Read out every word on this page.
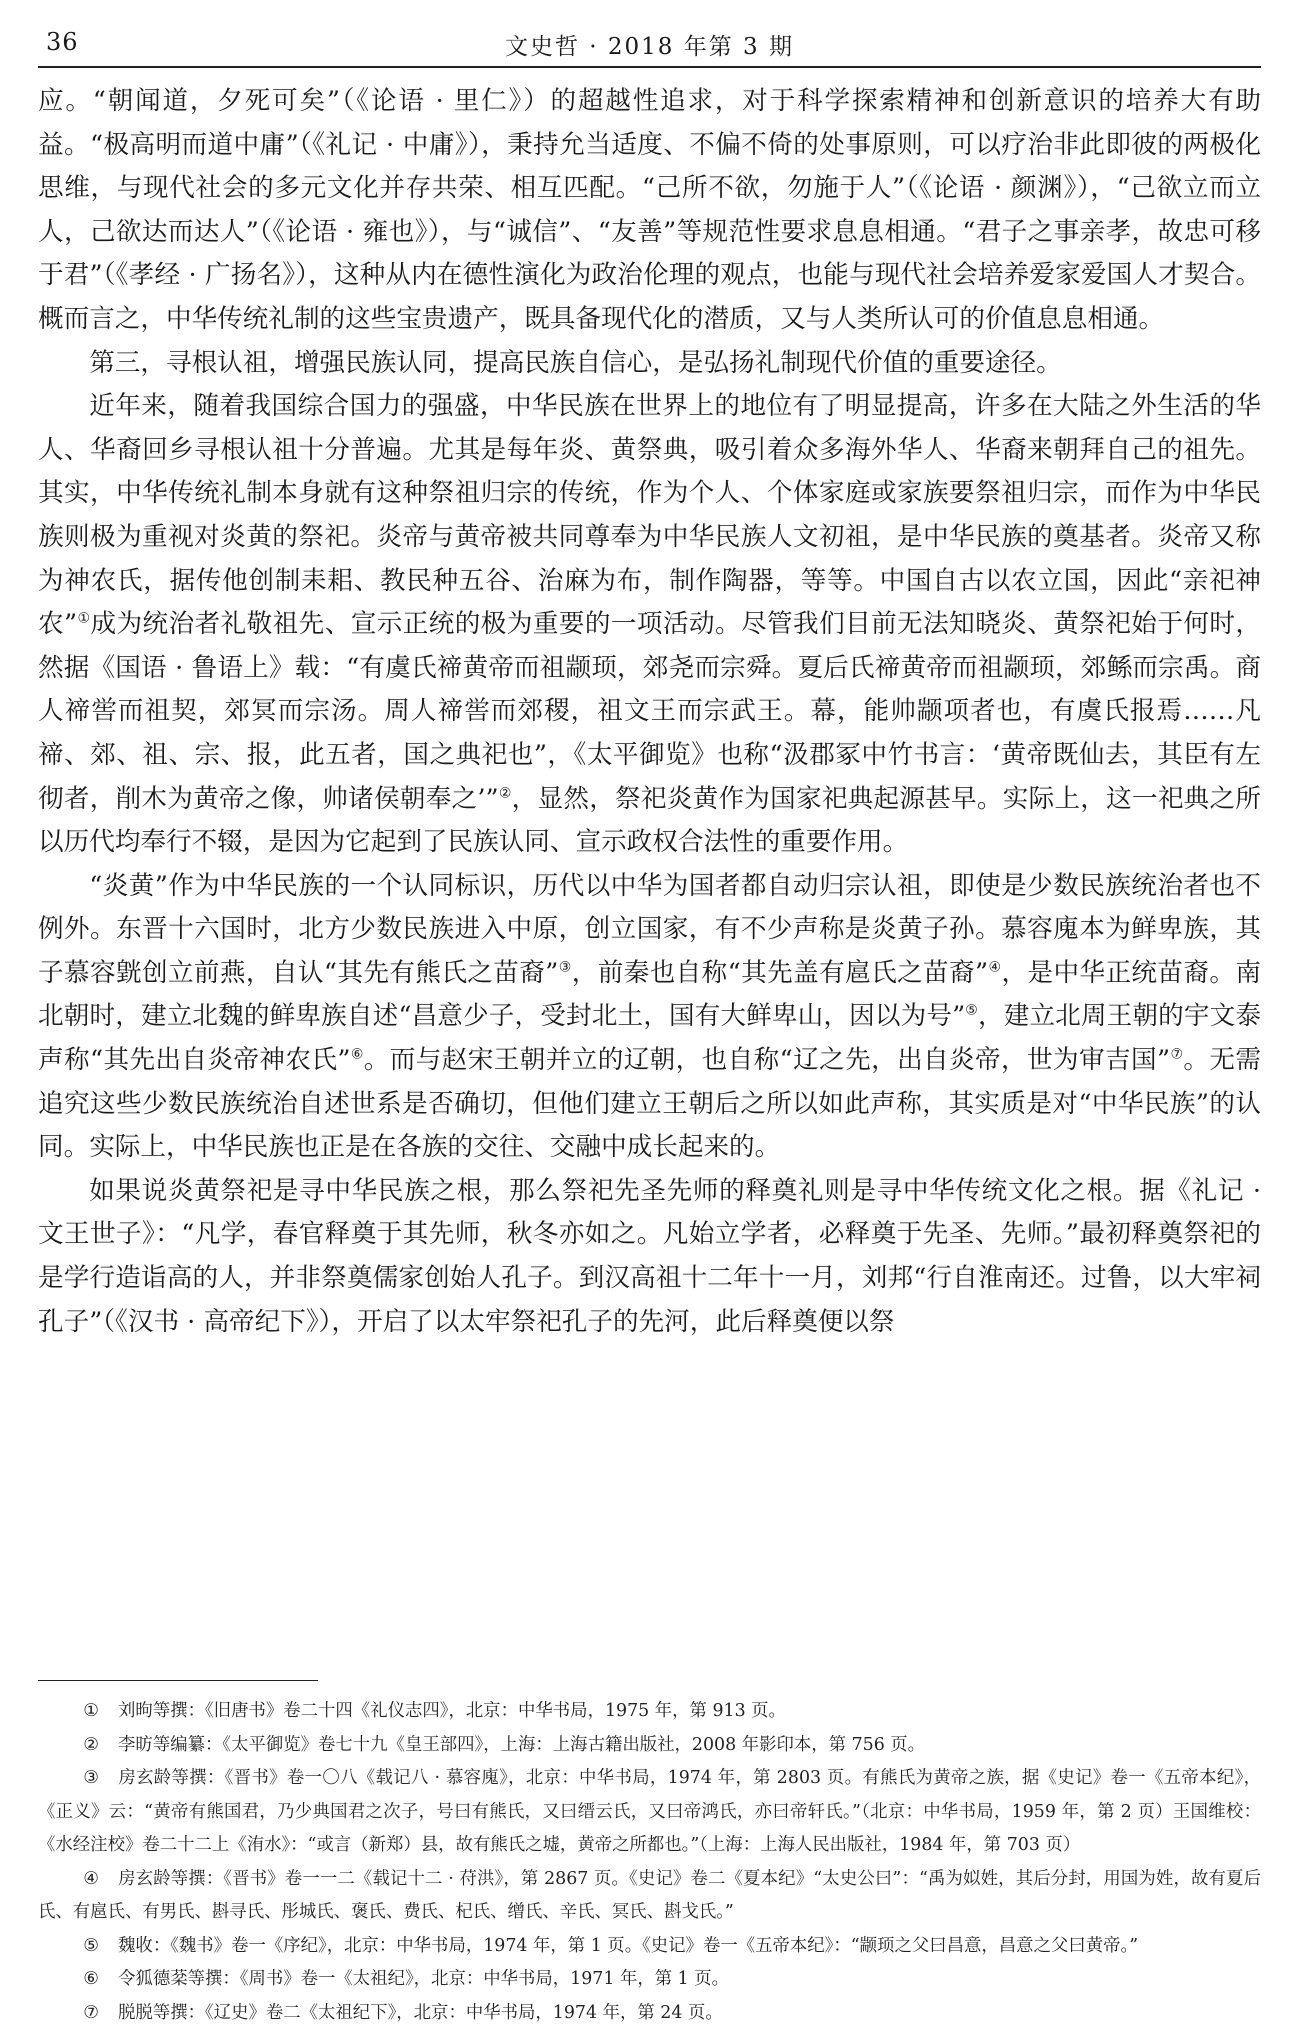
36	文史哲 · 2018 年第 3 期

应。“朝闻道，夕死可矣”（《论语 · 里仁》）的超越性追求，对于科学探索精神和创新意识的培养大有助益。“极高明而道中庸”（《礼记 · 中庸》），秉持允当适度、不偏不倚的处事原则，可以疗治非此即彼的两极化思维，与现代社会的多元文化并存共荣、相互匹配。“己所不欲，勿施于人”（《论语 · 颜渊》），“己欲立而立人，己欲达而达人”（《论语 · 雍也》），与“诚信”、“友善”等规范性要求息息相通。“君子之事亲孝，故忠可移于君”（《孝经 · 广扬名》），这种从内在德性演化为政治伦理的观点，也能与现代社会培养爱家爱国人才契合。概而言之，中华传统礼制的这些宝贵遗产，既具备现代化的潜质，又与人类所认可的价值息息相通。

第三，寻根认祖，增强民族认同，提高民族自信心，是弘扬礼制现代价值的重要途径。

近年来，随着我国综合国力的强盛，中华民族在世界上的地位有了明显提高，许多在大陆之外生活的华人、华裔回乡寻根认祖十分普遍。尤其是每年炎、黄祭典，吸引着众多海外华人、华裔来朝拜自己的祖先。其实，中华传统礼制本身就有这种祭祖归宗的传统，作为个人、个体家庭或家族要祭祖归宗，而作为中华民族则极为重视对炎黄的祭祀。炎帝与黄帝被共同尊奉为中华民族人文初祖，是中华民族的奠基者。炎帝又称为神农氏，据传他创制耒耜、教民种五谷、治麻为布，制作陶器，等等。中国自古以农立国，因此“亲祀神农”①成为统治者礼敬祖先、宣示正统的极为重要的一项活动。尽管我们目前无法知晓炎、黄祭祀始于何时，然据《国语 · 鲁语上》载：“有虞氏禘黄帝而祖颛顼，郊尧而宗舜。夏后氏禘黄帝而祖颛顼，郊鲧而宗禹。商人禘喾而祖契，郊冥而宗汤。周人禘喾而郊稷，祖文王而宗武王。幕，能帅颛项者也，有虞氏报焉……凡禘、郊、祖、宗、报，此五者，国之典祀也”，《太平御览》也称“汲郡冢中竹书言：‘黄帝既仙去，其臣有左彻者，削木为黄帝之像，帅诸侯朝奉之’”②，显然，祭祀炎黄作为国家祀典起源甚早。实际上，这一祀典之所以历代均奉行不辍，是因为它起到了民族认同、宣示政权合法性的重要作用。

“炎黄”作为中华民族的一个认同标识，历代以中华为国者都自动归宗认祖，即使是少数民族统治者也不例外。东晋十六国时，北方少数民族进入中原，创立国家，有不少声称是炎黄子孙。慕容廆本为鲜卑族，其子慕容皝创立前燕，自认“其先有熊氏之苗裔”③，前秦也自称“其先盖有扈氏之苗裔”④，是中华正统苗裔。南北朝时，建立北魏的鲜卑族自述“昌意少子，受封北土，国有大鲜卑山，因以为号”⑤，建立北周王朝的宇文泰声称“其先出自炎帝神农氏”⑥。而与赵宋王朝并立的辽朝，也自称“辽之先，出自炎帝，世为审吉国”⑦。无需追究这些少数民族统治自述世系是否确切，但他们建立王朝后之所以如此声称，其实质是对“中华民族”的认同。实际上，中华民族也正是在各族的交往、交融中成长起来的。

如果说炎黄祭祀是寻中华民族之根，那么祭祀先圣先师的释奠礼则是寻中华传统文化之根。据《礼记 · 文王世子》：“凡学，春官释奠于其先师，秋冬亦如之。凡始立学者，必释奠于先圣、先师。”最初释奠祭祀的是学行造诣高的人，并非祭奠儒家创始人孔子。到汉高祖十二年十一月，刘邦“行自淮南还。过鲁，以大牢祠孔子”（《汉书 · 高帝纪下》），开启了以太牢祭祀孔子的先河，此后释奠便以祭

① 刘昫等撰：《旧唐书》卷二十四《礼仪志四》，北京：中华书局，1975 年，第 913 页。

② 李昉等编纂：《太平御览》卷七十九《皇王部四》，上海：上海古籍出版社，2008 年影印本，第 756 页。

③ 房玄龄等撰：《晋书》卷一〇八《载记八 · 慕容廆》，北京：中华书局，1974 年，第 2803 页。有熊氏为黄帝之族，据《史记》卷一《五帝本纪》，《正义》云：“黄帝有熊国君，乃少典国君之次子，号曰有熊氏，又曰缙云氏，又曰帝鸿氏，亦曰帝轩氏。”（北京：中华书局，1959 年，第 2 页）王国维校：《水经注校》卷二十二上《洧水》：“或言（新郑）县，故有熊氏之墟，黄帝之所都也。”（上海：上海人民出版社，1984 年，第 703 页）

④ 房玄龄等撰：《晋书》卷一一二《载记十二 · 苻洪》，第 2867 页。《史记》卷二《夏本纪》“太史公曰”：“禹为姒姓，其后分封，用国为姓，故有夏后氏、有扈氏、有男氏、斟寻氏、彤城氏、褒氏、费氏、杞氏、缯氏、辛氏、冥氏、斟戈氏。”

⑤ 魏收：《魏书》卷一《序纪》，北京：中华书局，1974 年，第 1 页。《史记》卷一《五帝本纪》：“颛顼之父曰昌意，昌意之父曰黄帝。”

⑥ 令狐德棻等撰：《周书》卷一《太祖纪》，北京：中华书局，1971 年，第 1 页。

⑦ 脱脱等撰：《辽史》卷二《太祖纪下》，北京：中华书局，1974 年，第 24 页。
